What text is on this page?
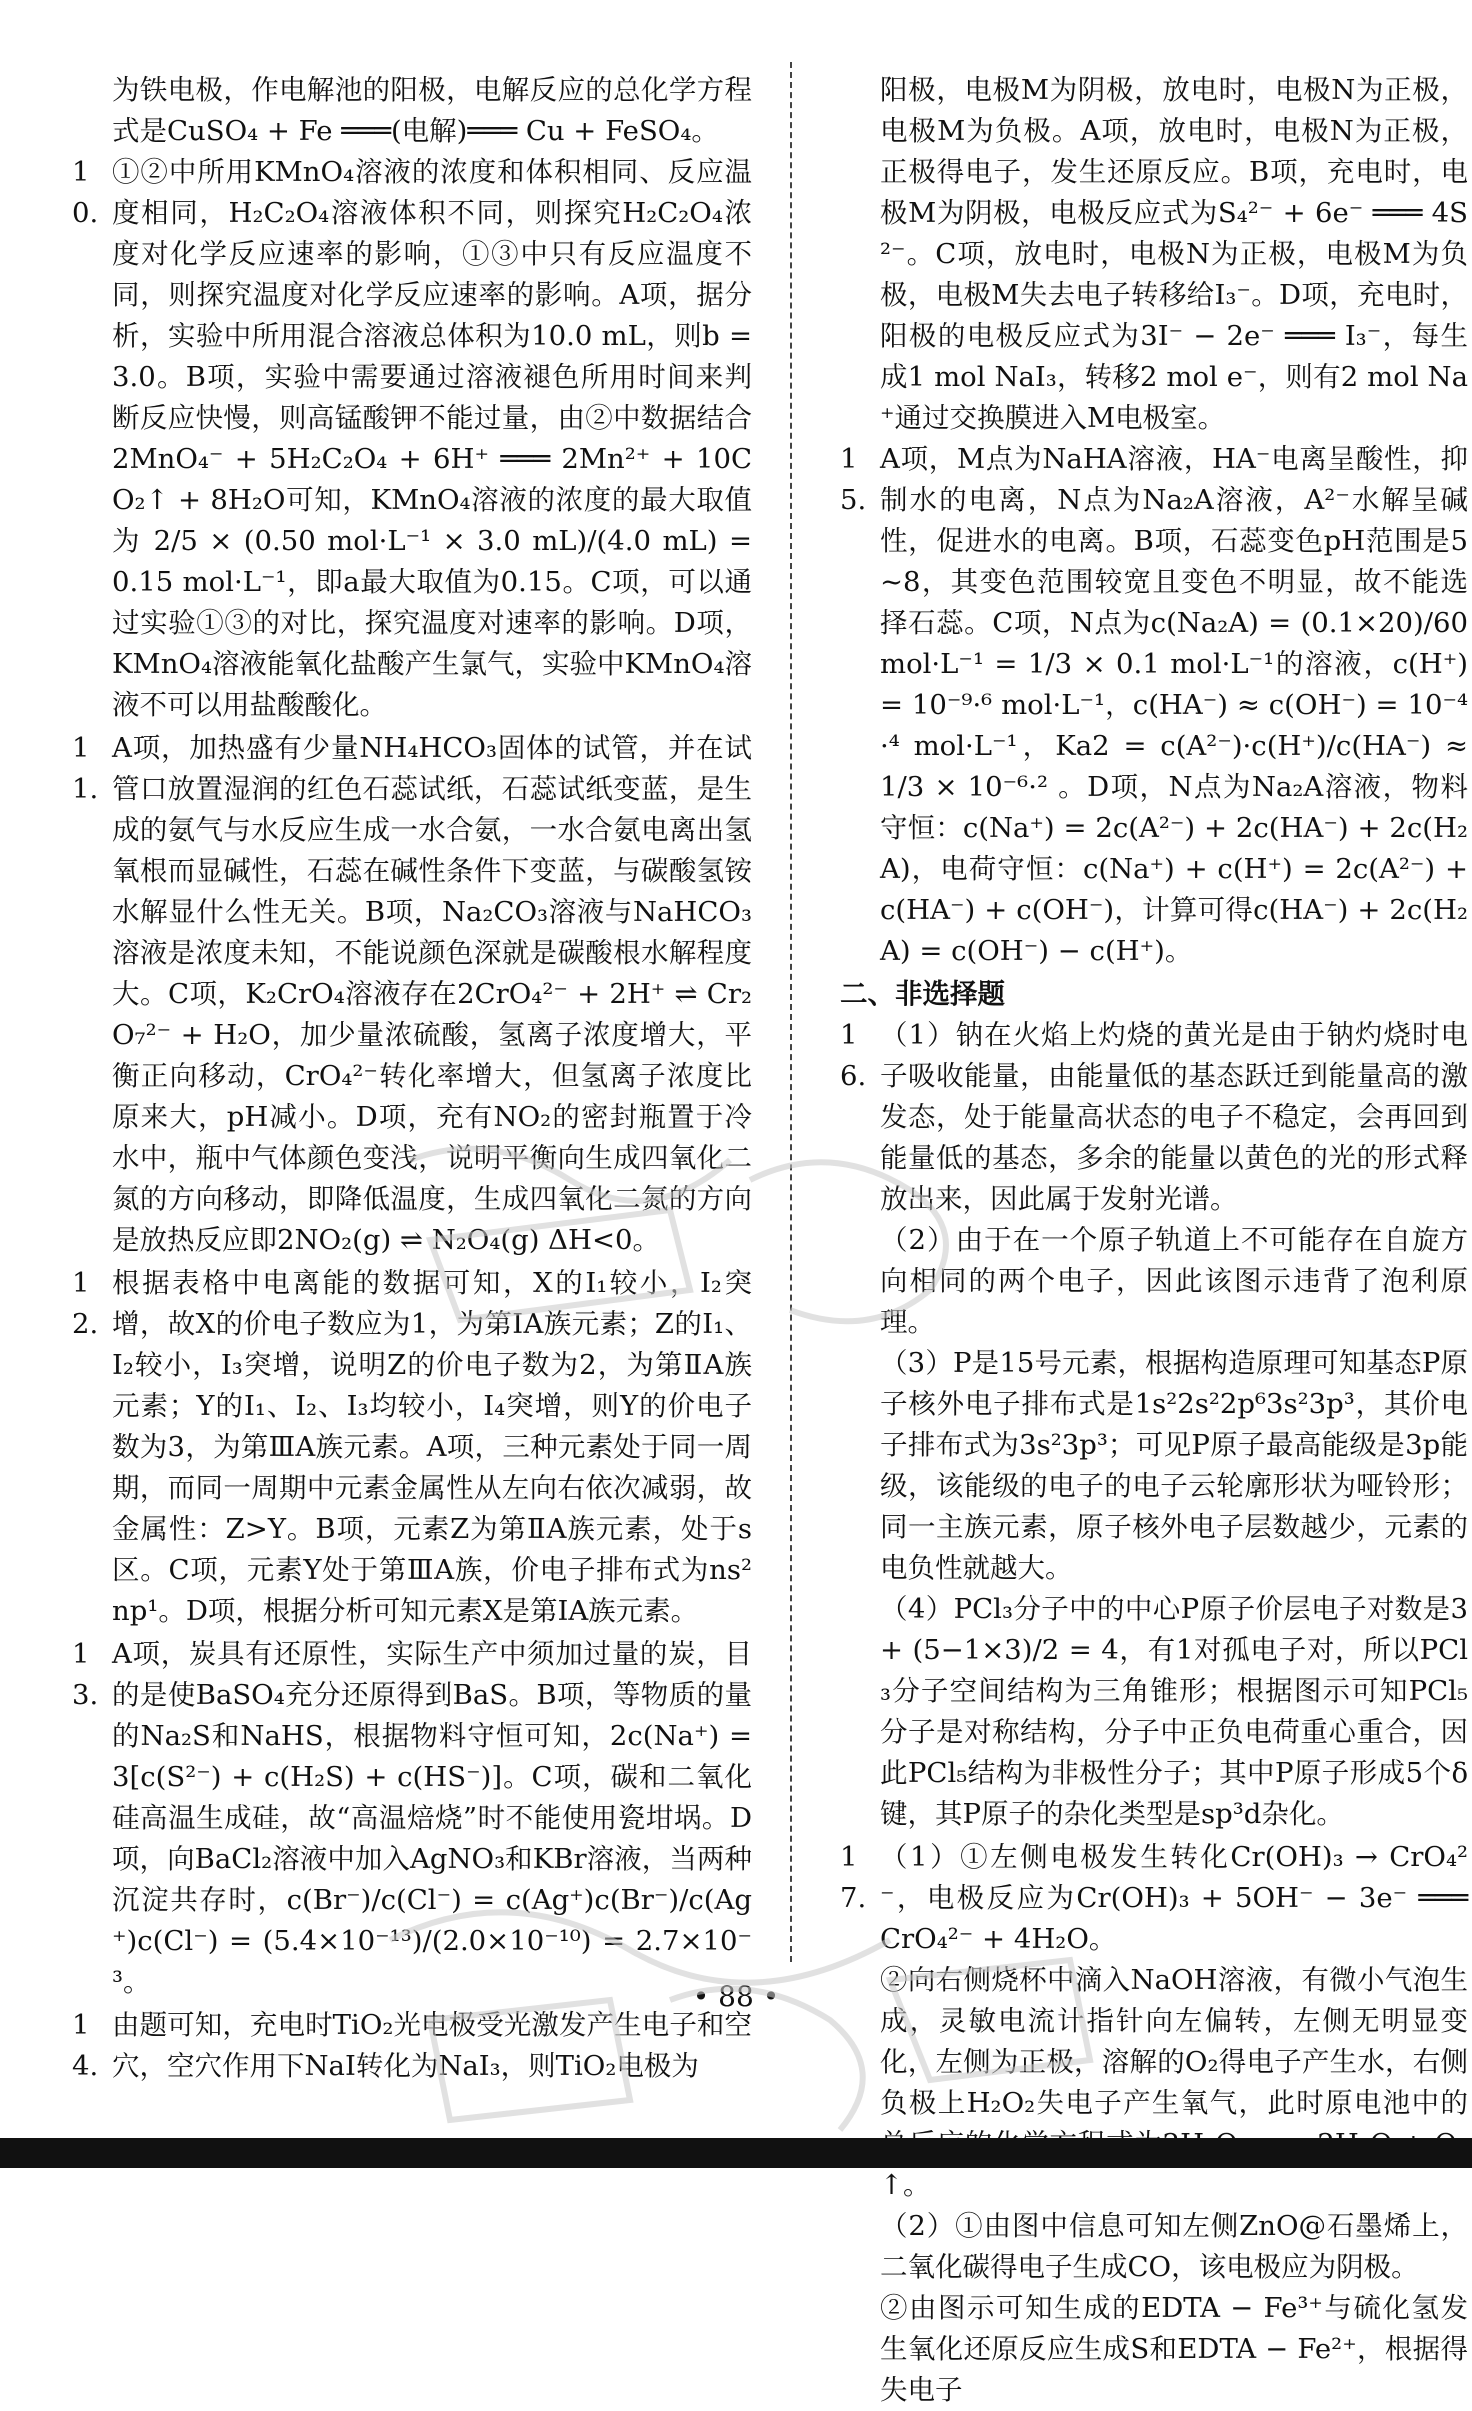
为铁电极，作电解池的阳极，电解反应的总化学方程式是CuSO₄ + Fe ═══(电解)═══ Cu + FeSO₄。

10.

①②中所用KMnO₄溶液的浓度和体积相同、反应温度相同，H₂C₂O₄溶液体积不同，则探究H₂C₂O₄浓度对化学反应速率的影响，①③中只有反应温度不同，则探究温度对化学反应速率的影响。A项，据分析，实验中所用混合溶液总体积为10.0 mL，则b = 3.0。B项，实验中需要通过溶液褪色所用时间来判断反应快慢，则高锰酸钾不能过量，由②中数据结合2MnO₄⁻ + 5H₂C₂O₄ + 6H⁺ ═══ 2Mn²⁺ + 10CO₂↑ + 8H₂O可知，KMnO₄溶液的浓度的最大取值为 2/5 × (0.50 mol·L⁻¹ × 3.0 mL)/(4.0 mL) = 0.15 mol·L⁻¹，即a最大取值为0.15。C项，可以通过实验①③的对比，探究温度对速率的影响。D项，KMnO₄溶液能氧化盐酸产生氯气，实验中KMnO₄溶液不可以用盐酸酸化。

11.

A项，加热盛有少量NH₄HCO₃固体的试管，并在试管口放置湿润的红色石蕊试纸，石蕊试纸变蓝，是生成的氨气与水反应生成一水合氨，一水合氨电离出氢氧根而显碱性，石蕊在碱性条件下变蓝，与碳酸氢铵水解显什么性无关。B项，Na₂CO₃溶液与NaHCO₃溶液是浓度未知，不能说颜色深就是碳酸根水解程度大。C项，K₂CrO₄溶液存在2CrO₄²⁻ + 2H⁺ ⇌ Cr₂O₇²⁻ + H₂O，加少量浓硫酸，氢离子浓度增大，平衡正向移动，CrO₄²⁻转化率增大，但氢离子浓度比原来大，pH减小。D项，充有NO₂的密封瓶置于冷水中，瓶中气体颜色变浅，说明平衡向生成四氧化二氮的方向移动，即降低温度，生成四氧化二氮的方向是放热反应即2NO₂(g) ⇌ N₂O₄(g) ΔH<0。

12.

根据表格中电离能的数据可知，X的I₁较小，I₂突增，故X的价电子数应为1，为第ⅠA族元素；Z的I₁、I₂较小，I₃突增，说明Z的价电子数为2，为第ⅡA族元素；Y的I₁、I₂、I₃均较小，I₄突增，则Y的价电子数为3，为第ⅢA族元素。A项，三种元素处于同一周期，而同一周期中元素金属性从左向右依次减弱，故金属性：Z>Y。B项，元素Z为第ⅡA族元素，处于s区。C项，元素Y处于第ⅢA族，价电子排布式为ns²np¹。D项，根据分析可知元素X是第ⅠA族元素。

13.

A项，炭具有还原性，实际生产中须加过量的炭，目的是使BaSO₄充分还原得到BaS。B项，等物质的量的Na₂S和NaHS，根据物料守恒可知，2c(Na⁺) = 3[c(S²⁻) + c(H₂S) + c(HS⁻)]。C项，碳和二氧化硅高温生成硅，故“高温焙烧”时不能使用瓷坩埚。D项，向BaCl₂溶液中加入AgNO₃和KBr溶液，当两种沉淀共存时，c(Br⁻)/c(Cl⁻) = c(Ag⁺)c(Br⁻)/c(Ag⁺)c(Cl⁻) = (5.4×10⁻¹³)/(2.0×10⁻¹⁰) = 2.7×10⁻³。

14.

由题可知，充电时TiO₂光电极受光激发产生电子和空穴，空穴作用下NaI转化为NaI₃，则TiO₂电极为

阳极，电极M为阴极，放电时，电极N为正极，电极M为负极。A项，放电时，电极N为正极，正极得电子，发生还原反应。B项，充电时，电极M为阴极，电极反应式为S₄²⁻ + 6e⁻ ═══ 4S²⁻。C项，放电时，电极N为正极，电极M为负极，电极M失去电子转移给I₃⁻。D项，充电时，阳极的电极反应式为3I⁻ − 2e⁻ ═══ I₃⁻，每生成1 mol NaI₃，转移2 mol e⁻，则有2 mol Na⁺通过交换膜进入M电极室。

15.

A项，M点为NaHA溶液，HA⁻电离呈酸性，抑制水的电离，N点为Na₂A溶液，A²⁻水解呈碱性，促进水的电离。B项，石蕊变色pH范围是5~8，其变色范围较宽且变色不明显，故不能选择石蕊。C项，N点为c(Na₂A) = (0.1×20)/60 mol·L⁻¹ = 1/3 × 0.1 mol·L⁻¹的溶液，c(H⁺) = 10⁻⁹·⁶ mol·L⁻¹，c(HA⁻) ≈ c(OH⁻) = 10⁻⁴·⁴ mol·L⁻¹，Ka2 = c(A²⁻)·c(H⁺)/c(HA⁻) ≈ 1/3 × 10⁻⁶·² 。D项，N点为Na₂A溶液，物料守恒：c(Na⁺) = 2c(A²⁻) + 2c(HA⁻) + 2c(H₂A)，电荷守恒：c(Na⁺) + c(H⁺) = 2c(A²⁻) + c(HA⁻) + c(OH⁻)，计算可得c(HA⁻) + 2c(H₂A) = c(OH⁻) − c(H⁺)。

二、非选择题

16.

（1）钠在火焰上灼烧的黄光是由于钠灼烧时电子吸收能量，由能量低的基态跃迁到能量高的激发态，处于能量高状态的电子不稳定，会再回到能量低的基态，多余的能量以黄色的光的形式释放出来，因此属于发射光谱。

（2）由于在一个原子轨道上不可能存在自旋方向相同的两个电子，因此该图示违背了泡利原理。

（3）P是15号元素，根据构造原理可知基态P原子核外电子排布式是1s²2s²2p⁶3s²3p³，其价电子排布式为3s²3p³；可见P原子最高能级是3p能级，该能级的电子的电子云轮廓形状为哑铃形；同一主族元素，原子核外电子层数越少，元素的电负性就越大。

（4）PCl₃分子中的中心P原子价层电子对数是3 + (5−1×3)/2 = 4，有1对孤电子对，所以PCl₃分子空间结构为三角锥形；根据图示可知PCl₅分子是对称结构，分子中正负电荷重心重合，因此PCl₅结构为非极性分子；其中P原子形成5个δ键，其P原子的杂化类型是sp³d杂化。

17.

（1）①左侧电极发生转化Cr(OH)₃ → CrO₄²⁻，电极反应为Cr(OH)₃ + 5OH⁻ − 3e⁻ ═══ CrO₄²⁻ + 4H₂O。

②向右侧烧杯中滴入NaOH溶液，有微小气泡生成，灵敏电流计指针向左偏转，左侧无明显变化，左侧为正极，溶解的O₂得电子产生水，右侧负极上H₂O₂失电子产生氧气，此时原电池中的 ↑。

（2）①由图中信息可知左侧ZnO@石墨烯上，二氧化碳得电子生成CO，该电极应为阴极。

②由图示可知生成的EDTA − Fe³⁺与硫化氢发生氧化还原反应生成S和EDTA − Fe²⁺，根据得失电子

• 88 •
